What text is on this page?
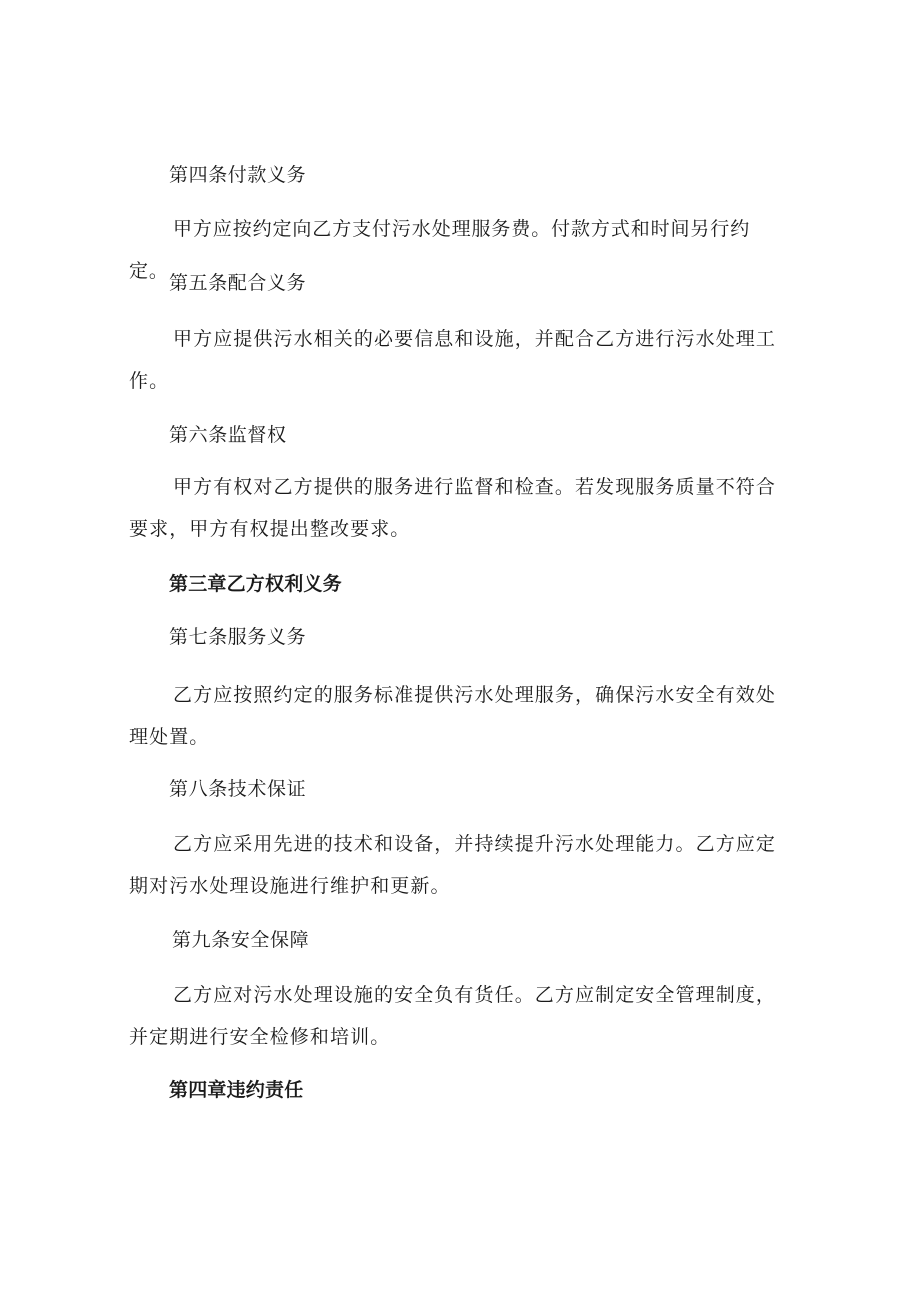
第四条付款义务
甲方应按约定向乙方支付污水处理服务费。付款方式和时间另行约定。
第五条配合义务
甲方应提供污水相关的必要信息和设施，并配合乙方进行污水处理工作。
第六条监督权
甲方有权对乙方提供的服务进行监督和检查。若发现服务质量不符合要求，甲方有权提出整改要求。
第三章乙方权利义务
第七条服务义务
乙方应按照约定的服务标准提供污水处理服务，确保污水安全有效处理处置。
第八条技术保证
乙方应采用先进的技术和设备，并持续提升污水处理能力。乙方应定期对污水处理设施进行维护和更新。
第九条安全保障
乙方应对污水处理设施的安全负有货任。乙方应制定安全管理制度，并定期进行安全检修和培训。
第四章违约责任
